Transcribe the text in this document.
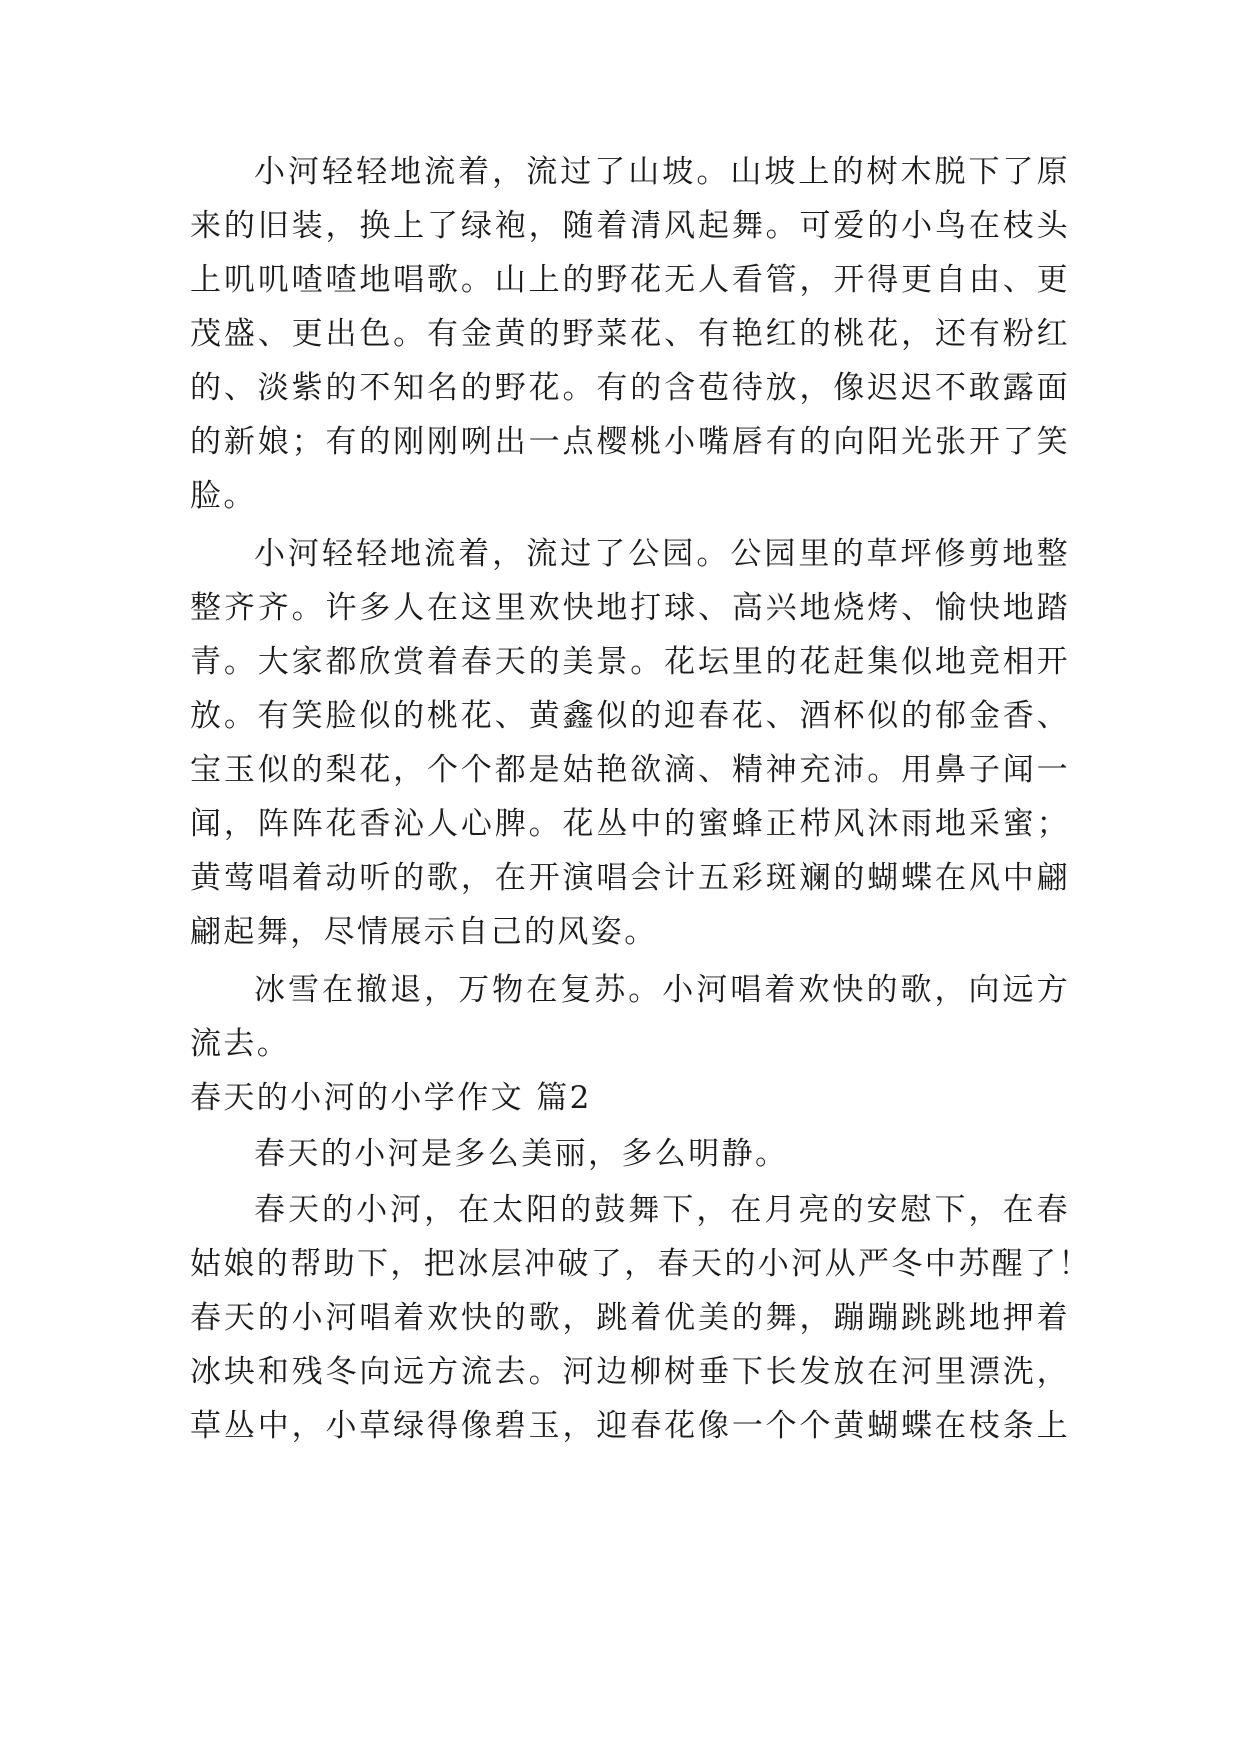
小河轻轻地流着，流过了山坡。山坡上的树木脱下了原
来的旧装，换上了绿袍，随着清风起舞。可爱的小鸟在枝头
上叽叽喳喳地唱歌。山上的野花无人看管，开得更自由、更
茂盛、更出色。有金黄的野菜花、有艳红的桃花，还有粉红
的、淡紫的不知名的野花。有的含苞待放，像迟迟不敢露面
的新娘；有的刚刚咧出一点樱桃小嘴唇有的向阳光张开了笑
脸。
小河轻轻地流着，流过了公园。公园里的草坪修剪地整
整齐齐。许多人在这里欢快地打球、高兴地烧烤、愉快地踏
青。大家都欣赏着春天的美景。花坛里的花赶集似地竞相开
放。有笑脸似的桃花、黄鑫似的迎春花、酒杯似的郁金香、
宝玉似的梨花，个个都是姑艳欲滴、精神充沛。用鼻子闻一
闻，阵阵花香沁人心脾。花丛中的蜜蜂正栉风沐雨地采蜜；
黄莺唱着动听的歌，在开演唱会计五彩斑斓的蝴蝶在风中翩
翩起舞，尽情展示自己的风姿。
冰雪在撤退，万物在复苏。小河唱着欢快的歌，向远方
流去。
春天的小河的小学作文 篇2
春天的小河是多么美丽，多么明静。
春天的小河，在太阳的鼓舞下，在月亮的安慰下，在春
姑娘的帮助下，把冰层冲破了，春天的小河从严冬中苏醒了！
春天的小河唱着欢快的歌，跳着优美的舞，蹦蹦跳跳地押着
冰块和残冬向远方流去。河边柳树垂下长发放在河里漂洗，
草丛中，小草绿得像碧玉，迎春花像一个个黄蝴蝶在枝条上
